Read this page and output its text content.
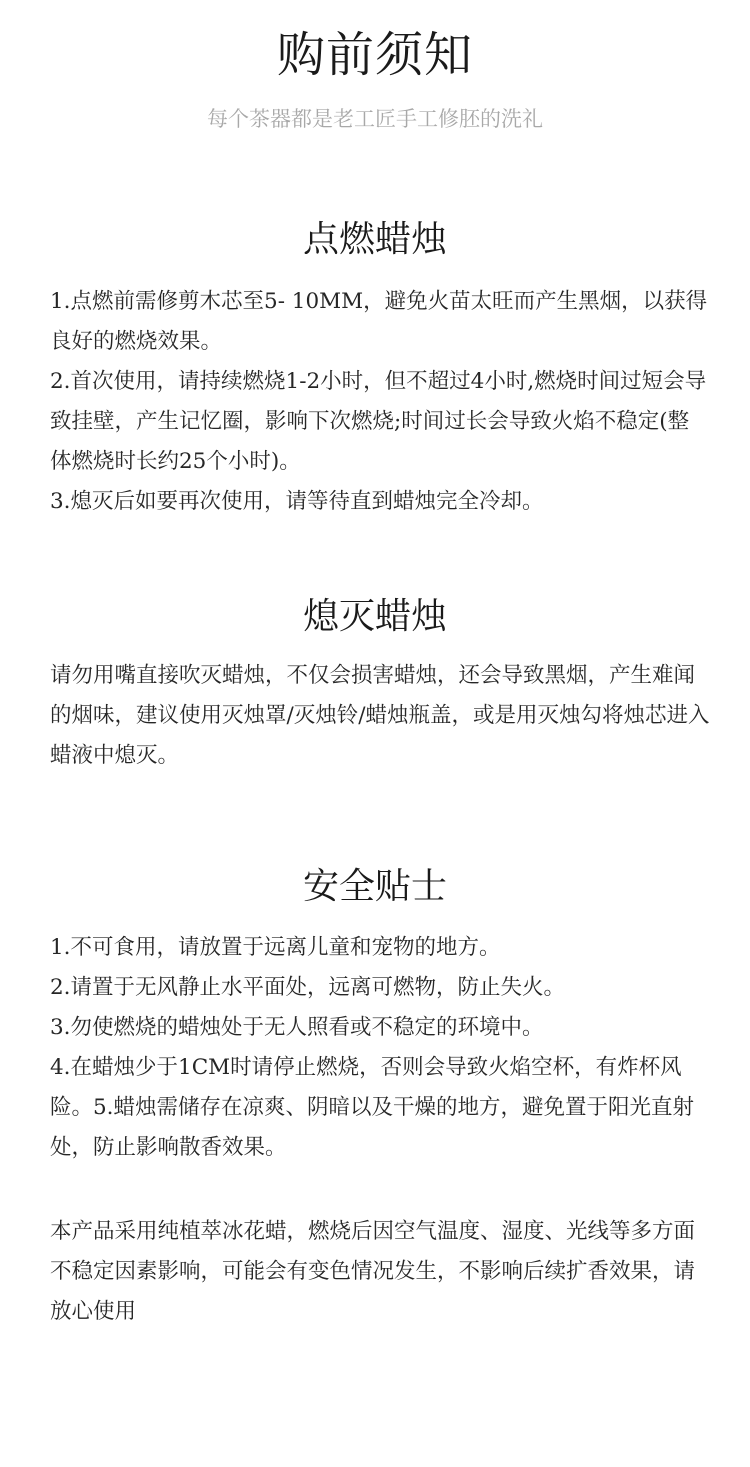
购前须知
每个茶器都是老工匠手工修胚的洗礼
点燃蜡烛

1.点燃前需修剪木芯至5- 10MM，避免火苗太旺而产生黑烟，以获得良好的燃烧效果。

2.首次使用，请持续燃烧1-2小时，但不超过4小时,燃烧时间过短会导致挂壁，产生记忆圈，影响下次燃烧;时间过长会导致火焰不稳定(整体燃烧时长约25个小时)。

3.熄灭后如要再次使用，请等待直到蜡烛完全冷却。

熄灭蜡烛

请勿用嘴直接吹灭蜡烛，不仅会损害蜡烛，还会导致黑烟，产生难闻的烟味，建议使用灭烛罩/灭烛铃/蜡烛瓶盖，或是用灭烛勾将烛芯进入蜡液中熄灭。

安全贴士

1.不可食用，请放置于远离儿童和宠物的地方。

2.请置于无风静止水平面处，远离可燃物，防止失火。

3.勿使燃烧的蜡烛处于无人照看或不稳定的环境中。

4.在蜡烛少于1CM时请停止燃烧，否则会导致火焰空杯，有炸杯风险。5.蜡烛需储存在凉爽、阴暗以及干燥的地方，避免置于阳光直射处，防止影响散香效果。

本产品采用纯植萃冰花蜡，燃烧后因空气温度、湿度、光线等多方面不稳定因素影响，可能会有变色情况发生，不影响后续扩香效果，请放心使用
